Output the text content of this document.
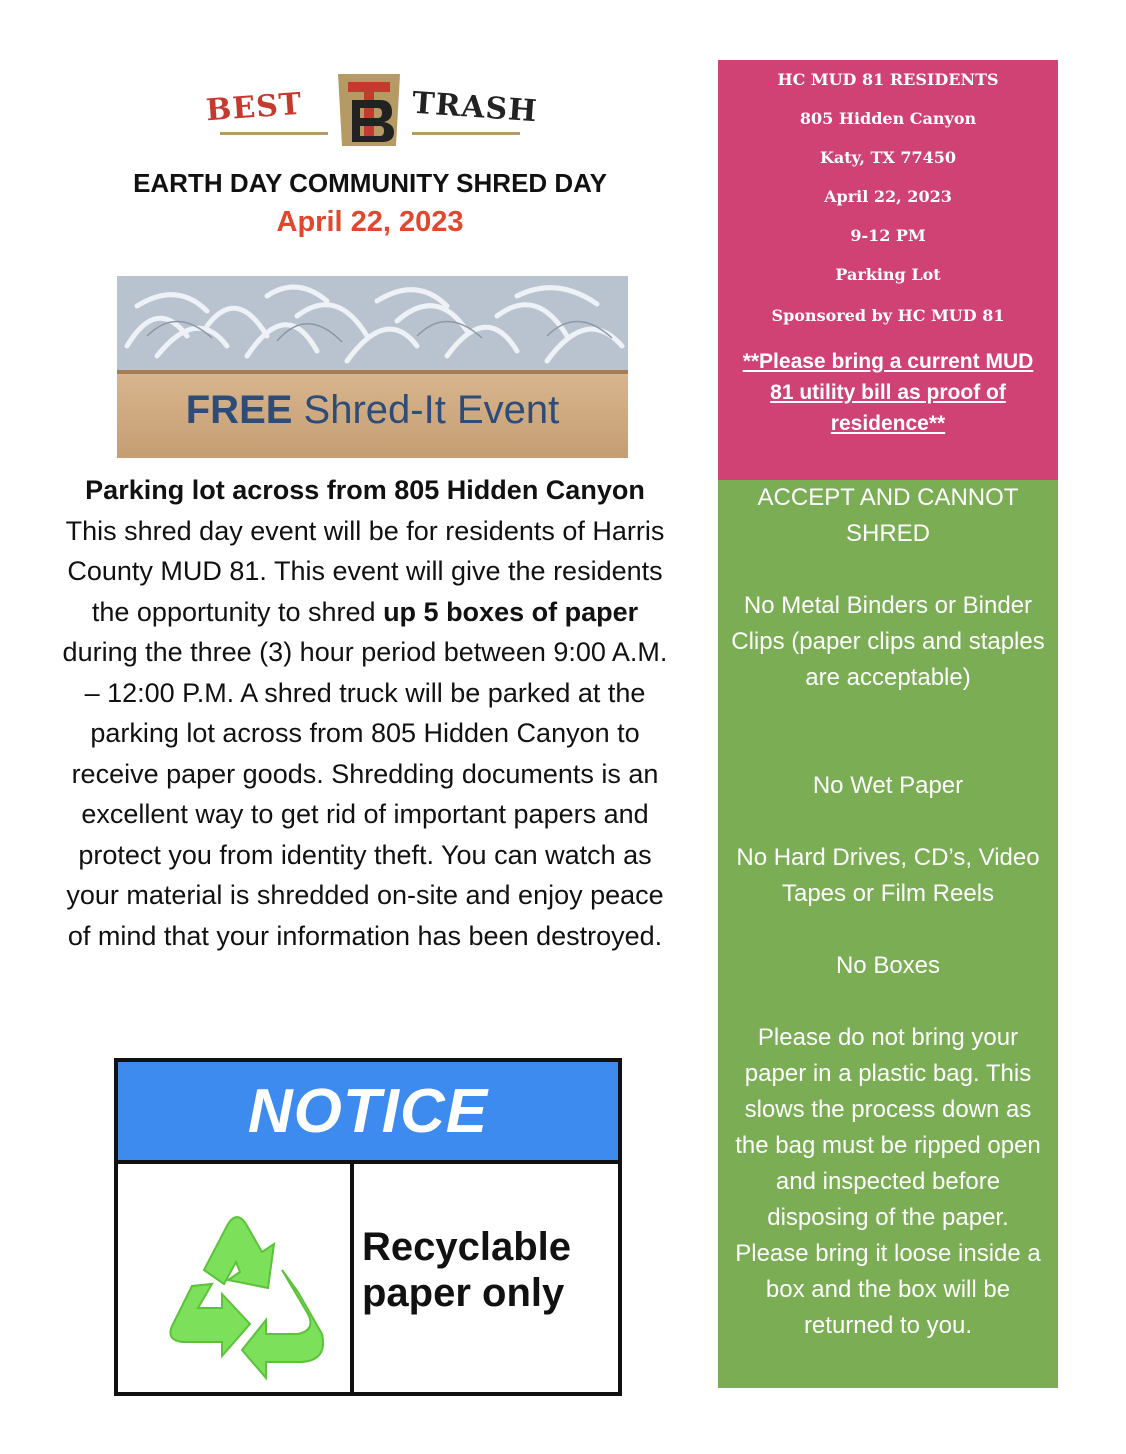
BEST	TRASH
EARTH DAY COMMUNITY SHRED DAY
April 22, 2023
FREE Shred-It Event
Parking lot across from 805 Hidden Canyon
This shred day event will be for residents of Harris County MUD 81. This event will give the residents the opportunity to shred up 5 boxes of paper during the three (3) hour period between 9:00 A.M. – 12:00 P.M. A shred truck will be parked at the parking lot across from 805 Hidden Canyon to receive paper goods. Shredding documents is an excellent way to get rid of important papers and protect you from identity theft. You can watch as your material is shredded on-site and enjoy peace of mind that your information has been destroyed.
NOTICE
Recyclable
paper only
HC MUD 81 RESIDENTS
805 Hidden Canyon
Katy, TX 77450
April 22, 2023
9-12 PM
Parking Lot
Sponsored by HC MUD 81
**Please bring a current MUD 81 utility bill as proof of residence**
ACCEPT AND CANNOT SHRED
No Metal Binders or Binder Clips (paper clips and staples are acceptable)
No Wet Paper
No Hard Drives, CD’s, Video Tapes or Film Reels
No Boxes
Please do not bring your paper in a plastic bag. This slows the process down as the bag must be ripped open and inspected before disposing of the paper. Please bring it loose inside a box and the box will be returned to you.
